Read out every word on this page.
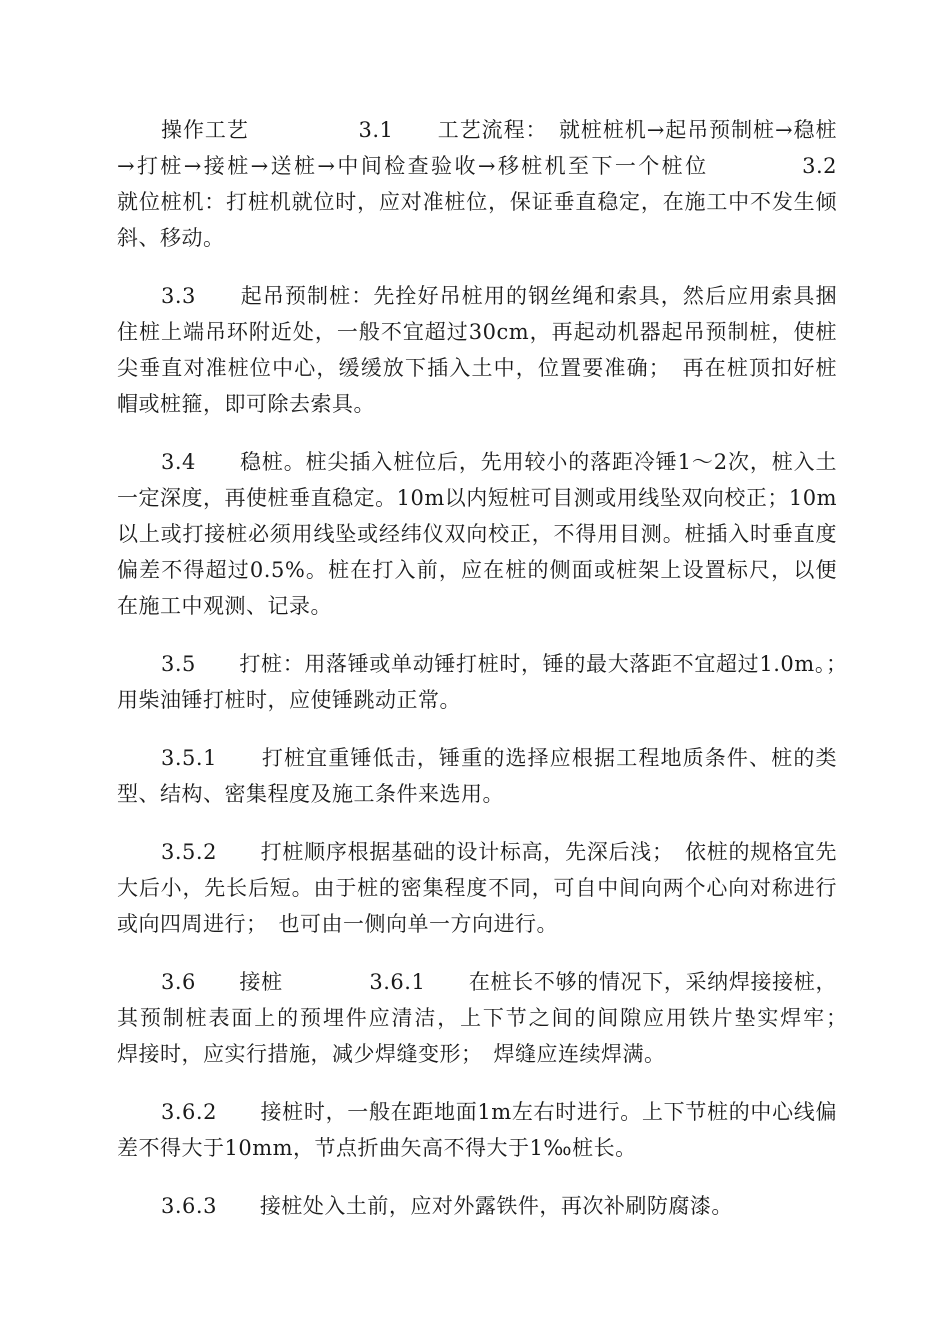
操作工艺　　　　　3.1　　工艺流程：　就桩桩机→起吊预制桩→稳桩→打桩→接桩→送桩→中间检查验收→移桩机至下一个桩位　　　　3.2　　就位桩机：打桩机就位时，应对准桩位，保证垂直稳定，在施工中不发生倾斜、移动。

3.3　　起吊预制桩：先拴好吊桩用的钢丝绳和索具，然后应用索具捆住桩上端吊环附近处，一般不宜超过30cm，再起动机器起吊预制桩，使桩尖垂直对准桩位中心，缓缓放下插入土中，位置要准确；　再在桩顶扣好桩帽或桩箍，即可除去索具。

3.4　　稳桩。桩尖插入桩位后，先用较小的落距冷锤1～2次，桩入土一定深度，再使桩垂直稳定。10m以内短桩可目测或用线坠双向校正；10m以上或打接桩必须用线坠或经纬仪双向校正，不得用目测。桩插入时垂直度偏差不得超过0.5%。桩在打入前，应在桩的侧面或桩架上设置标尺，以便在施工中观测、记录。

3.5　　打桩：用落锤或单动锤打桩时，锤的最大落距不宜超过1.0m。；　用柴油锤打桩时，应使锤跳动正常。

3.5.1　　打桩宜重锤低击，锤重的选择应根据工程地质条件、桩的类型、结构、密集程度及施工条件来选用。

3.5.2　　打桩顺序根据基础的设计标高，先深后浅；　依桩的规格宜先大后小，先长后短。由于桩的密集程度不同，可自中间向两个心向对称进行或向四周进行；　也可由一侧向单一方向进行。

3.6　　接桩　　　　3.6.1　　在桩长不够的情况下，采纳焊接接桩，其预制桩表面上的预埋件应清洁，上下节之间的间隙应用铁片垫实焊牢；　焊接时，应实行措施，减少焊缝变形；　焊缝应连续焊满。

3.6.2　　接桩时，一般在距地面1m左右时进行。上下节桩的中心线偏差不得大于10mm，节点折曲矢高不得大于1‰桩长。

3.6.3　　接桩处入土前，应对外露铁件，再次补刷防腐漆。
